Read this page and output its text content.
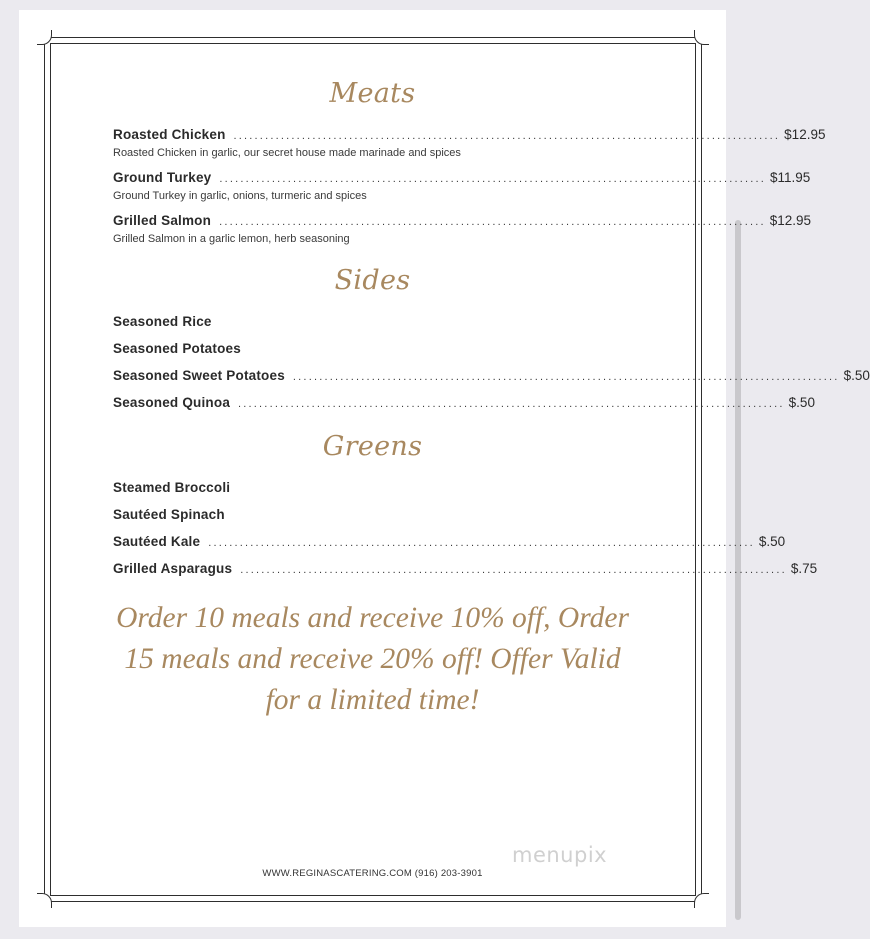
Meats
Roasted Chicken ........................................................................................................ $12.95
Roasted Chicken in garlic, our secret house made marinade and spices
Ground Turkey ........................................................................................................ $11.95
Ground Turkey in garlic, onions, turmeric and spices
Grilled Salmon ........................................................................................................ $12.95
Grilled Salmon in a garlic lemon, herb seasoning
Sides
Seasoned Rice
Seasoned Potatoes
Seasoned Sweet Potatoes ........................................................................................................ $.50
Seasoned Quinoa ........................................................................................................ $.50
Greens
Steamed Broccoli
Sautéed Spinach
Sautéed Kale ........................................................................................................ $.50
Grilled Asparagus ........................................................................................................ $.75
Order 10 meals and receive 10% off, Order
15 meals and receive 20% off! Offer Valid
for a limited time!
menupix
WWW.REGINASCATERING.COM (916) 203-3901
